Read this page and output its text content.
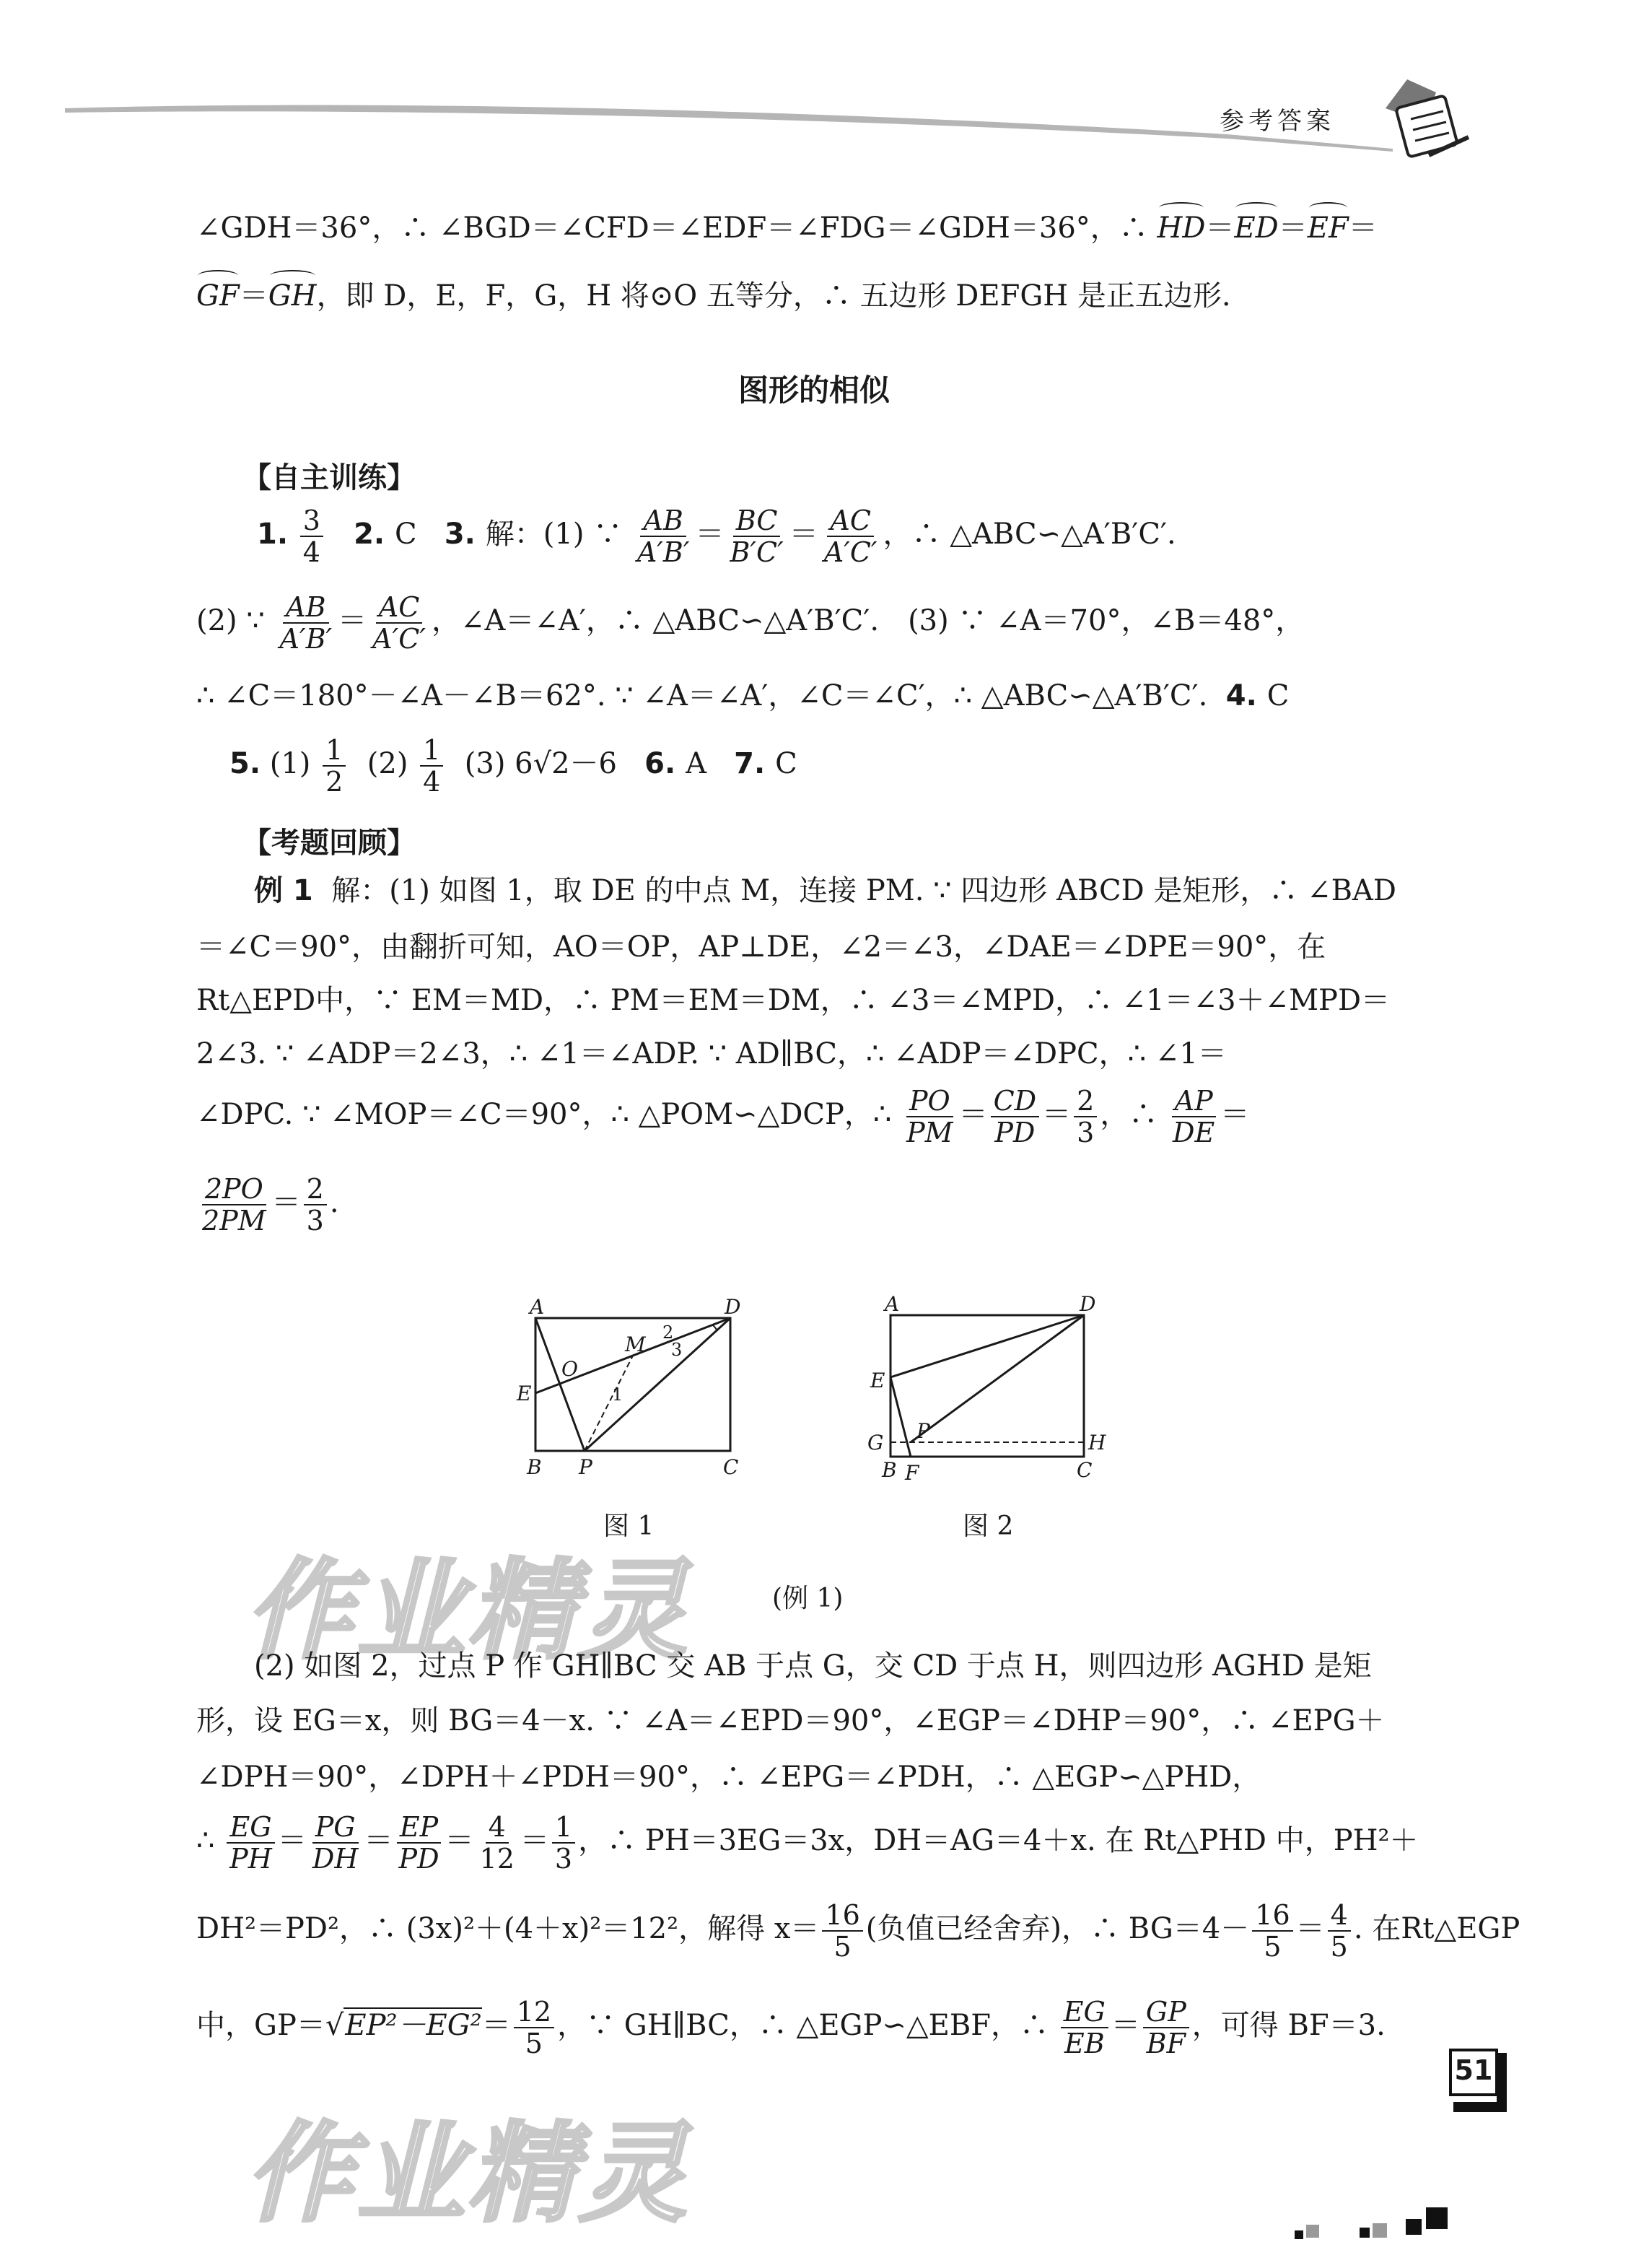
参考答案
∠GDH＝36°，∴ ∠BGD＝∠CFD＝∠EDF＝∠FDG＝∠GDH＝36°，∴ HD＝ED＝EF＝
GF＝GH，即 D，E，F，G，H 将⊙O 五等分，∴ 五边形 DEFGH 是正五边形.
图形的相似
【自主训练】
1. $\frac{3}{4} 2$. C 3. 解：(1) ∵ $\frac{AB}{A'B'} = \frac{BC}{B'C'} = \frac{AC}{A'C'}$ ，∴ △ABC∽△A′B′C′.
(2) ∵ $\frac{AB}{A'B'} = \frac{AC}{A'C'}$ ，∠A＝∠A′，∴ △ABC∽△A′B′C′.　(3) ∵ ∠A＝70°，∠B＝48°，
∴ ∠C＝180°－∠A－∠B＝62°. ∵ ∠A＝∠A′，∠C＝∠C′，∴ △ABC∽△A′B′C′. 4. C
5. $(1) \frac{1}{2} (2) \frac{1}{4} (3)$ 6√2－6 6. A 7. C
【考题回顾】
例 1 解：(1) 如图 1，取 DE 的中点 M，连接 PM. ∵ 四边形 ABCD 是矩形，∴ ∠BAD
＝∠C＝90°，由翻折可知，AO＝OP，AP⊥DE，∠2＝∠3，∠DAE＝∠DPE＝90°，在
Rt△EPD中，∵ EM＝MD，∴ PM＝EM＝DM，∴ ∠3＝∠MPD，∴ ∠1＝∠3＋∠MPD＝
2∠3. ∵ ∠ADP＝2∠3，∴ ∠1＝∠ADP. ∵ AD∥BC，∴ ∠ADP＝∠DPC，∴ ∠1＝
∠DPC. ∵ ∠MOP＝∠C＝90°，∴ △POM∽△DCP，∴ $\frac{PO}{PM} = \frac{CD}{PD} = \frac{2}{3}$ ，∴ $\frac{AP}{DE}$ ＝
$\frac{2PO}{2PM} = \frac{2}{3}$ .
A	D
B	C
P
E
O
M
1
2
3
A	D
B	C
E
P
G	H
F
图 1	图 2
(例 1)
作业精灵
(2) 如图 2，过点 P 作 GH∥BC 交 AB 于点 G，交 CD 于点 H，则四边形 AGHD 是矩
形，设 EG＝x，则 BG＝4－x. ∵ ∠A＝∠EPD＝90°，∠EGP＝∠DHP＝90°，∴ ∠EPG＋
∠DPH＝90°，∠DPH＋∠PDH＝90°，∴ ∠EPG＝∠PDH，∴ △EGP∽△PHD，
∴ $\frac{EG}{PH} = \frac{PG}{DH} = \frac{EP}{PD} = \frac{4}{12} = \frac{1}{3}$ ，∴ PH＝3EG＝3x，DH＝AG＝4＋x. 在 Rt△PHD 中，PH²＋
DH²＝PD²，∴ (3x)²＋(4＋x)²＝12²，解得 $x= \frac{16}{5}$ (负值已经舍弃)，∴ $BG=4- \frac{16}{5} = \frac{4}{5}$ . 在Rt△EGP
中，$GP=√EP^2-EG^2= \frac{12}{5}$ ，∵ GH∥BC，∴ △EGP∽△EBF，∴ $\frac{EG}{EB} = \frac{GP}{BF}$ ，可得 BF＝3.
作业精灵
51
